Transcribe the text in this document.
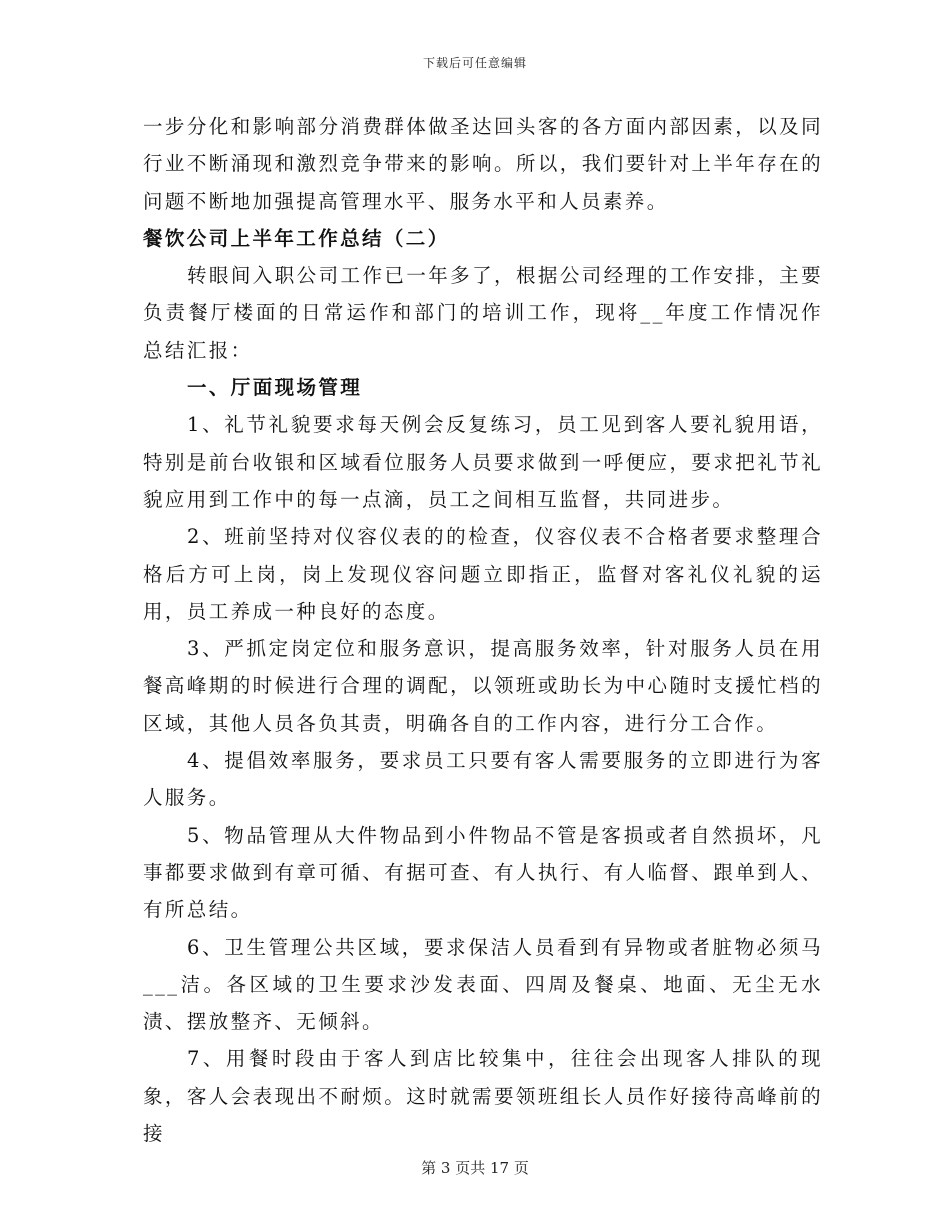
下载后可任意编辑

一步分化和影响部分消费群体做圣达回头客的各方面内部因素，以及同行业不断涌现和激烈竞争带来的影响。所以，我们要针对上半年存在的问题不断地加强提高管理水平、服务水平和人员素养。

餐饮公司上半年工作总结（二）

转眼间入职公司工作已一年多了，根据公司经理的工作安排，主要负责餐厅楼面的日常运作和部门的培训工作，现将__年度工作情况作总结汇报：

一、厅面现场管理

1、礼节礼貌要求每天例会反复练习，员工见到客人要礼貌用语，特别是前台收银和区域看位服务人员要求做到一呼便应，要求把礼节礼貌应用到工作中的每一点滴，员工之间相互监督，共同进步。

2、班前坚持对仪容仪表的的检查，仪容仪表不合格者要求整理合格后方可上岗，岗上发现仪容问题立即指正，监督对客礼仪礼貌的运用，员工养成一种良好的态度。

3、严抓定岗定位和服务意识，提高服务效率，针对服务人员在用餐高峰期的时候进行合理的调配，以领班或助长为中心随时支援忙档的区域，其他人员各负其责，明确各自的工作内容，进行分工合作。

4、提倡效率服务，要求员工只要有客人需要服务的立即进行为客人服务。

5、物品管理从大件物品到小件物品不管是客损或者自然损坏，凡事都要求做到有章可循、有据可查、有人执行、有人临督、跟单到人、有所总结。

6、卫生管理公共区域，要求保洁人员看到有异物或者脏物必须马___洁。各区域的卫生要求沙发表面、四周及餐桌、地面、无尘无水渍、摆放整齐、无倾斜。

7、用餐时段由于客人到店比较集中，往往会出现客人排队的现象，客人会表现出不耐烦。这时就需要领班组长人员作好接待高峰前的接

第 3 页共 17 页
